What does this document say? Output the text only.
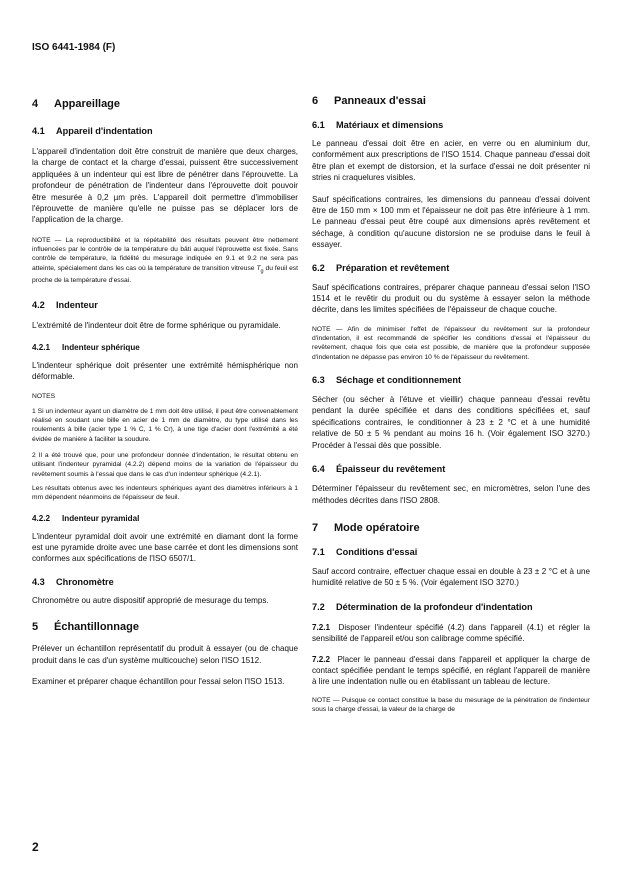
ISO 6441-1984 (F)
4 Appareillage
4.1 Appareil d'indentation

L'appareil d'indentation doit être construit de manière que deux charges, la charge de contact et la charge d'essai, puissent être successivement appliquées à un indenteur qui est libre de pénétrer dans l'éprouvette. La profondeur de pénétration de l'indenteur dans l'éprouvette doit pouvoir être mesurée à 0,2 µm près. L'appareil doit permettre d'immobiliser l'éprouvette de manière qu'elle ne puisse pas se déplacer lors de l'application de la charge.

NOTE — La reproductibilité et la répétabilité des résultats peuvent être nettement influencées par le contrôle de la température du bâti auquel l'éprouvette est fixée. Sans contrôle de température, la fidélité du mesurage indiquée en 9.1 et 9.2 ne sera pas atteinte, spécialement dans les cas où la température de transition vitreuse $T_g$ du feuil est proche de la température d'essai.

4.2 Indenteur

L'extrémité de l'indenteur doit être de forme sphérique ou pyramidale.

4.2.1 Indenteur sphérique

L'indenteur sphérique doit présenter une extrémité hémisphérique non déformable.

NOTES

1 Si un indenteur ayant un diamètre de 1 mm doit être utilisé, il peut être convenablement réalisé en soudant une bille en acier de 1 mm de diamètre, du type utilisé dans les roulements à bille (acier type 1 % C, 1 % Cr), à une tige d'acier dont l'extrémité a été évidée de manière à faciliter la soudure.

2 Il a été trouvé que, pour une profondeur donnée d'indentation, le résultat obtenu en utilisant l'indenteur pyramidal (4.2.2) dépend moins de la variation de l'épaisseur du revêtement soumis à l'essai que dans le cas d'un indenteur sphérique (4.2.1).

Les résultats obtenus avec les indenteurs sphériques ayant des diamètres inférieurs à 1 mm dépendent néanmoins de l'épaisseur de feuil.

4.2.2 Indenteur pyramidal

L'indenteur pyramidal doit avoir une extrémité en diamant dont la forme est une pyramide droite avec une base carrée et dont les dimensions sont conformes aux spécifications de l'ISO 6507/1.

4.3 Chronomètre

Chronomètre ou autre dispositif approprié de mesurage du temps.

5 Échantillonnage

Prélever un échantillon représentatif du produit à essayer (ou de chaque produit dans le cas d'un système multicouche) selon l'ISO 1512.

Examiner et préparer chaque échantillon pour l'essai selon l'ISO 1513.

6 Panneaux d'essai
6.1 Matériaux et dimensions

Le panneau d'essai doit être en acier, en verre ou en aluminium dur, conformément aux prescriptions de l'ISO 1514. Chaque panneau d'essai doit être plan et exempt de distorsion, et la surface d'essai ne doit présenter ni stries ni craquelures visibles.

Sauf spécifications contraires, les dimensions du panneau d'essai doivent être de 150 mm × 100 mm et l'épaisseur ne doit pas être inférieure à 1 mm. Le panneau d'essai peut être coupé aux dimensions après revêtement et séchage, à condition qu'aucune distorsion ne se produise dans le feuil à essayer.

6.2 Préparation et revêtement

Sauf spécifications contraires, préparer chaque panneau d'essai selon l'ISO 1514 et le revêtir du produit ou du système à essayer selon la méthode décrite, dans les limites spécifiées de l'épaisseur de chaque couche.

NOTE — Afin de minimiser l'effet de l'épaisseur du revêtement sur la profondeur d'indentation, il est recommandé de spécifier les conditions d'essai et l'épaisseur du revêtement, chaque fois que cela est possible, de manière que la profondeur supposée d'indentation ne dépasse pas environ 10 % de l'épaisseur du revêtement.

6.3 Séchage et conditionnement

Sécher (ou sécher à l'étuve et vieillir) chaque panneau d'essai revêtu pendant la durée spécifiée et dans des conditions spécifiées et, sauf spécifications contraires, le conditionner à 23 ± 2 °C et à une humidité relative de 50 ± 5 % pendant au moins 16 h. (Voir également ISO 3270.) Procéder à l'essai dès que possible.

6.4 Épaisseur du revêtement

Déterminer l'épaisseur du revêtement sec, en micromètres, selon l'une des méthodes décrites dans l'ISO 2808.

7 Mode opératoire
7.1 Conditions d'essai

Sauf accord contraire, effectuer chaque essai en double à 23 ± 2 °C et à une humidité relative de 50 ± 5 %. (Voir également ISO 3270.)

7.2 Détermination de la profondeur d'indentation

7.2.1 Disposer l'indenteur spécifié (4.2) dans l'appareil (4.1) et régler la sensibilité de l'appareil et/ou son calibrage comme spécifié.

7.2.2 Placer le panneau d'essai dans l'appareil et appliquer la charge de contact spécifiée pendant le temps spécifié, en réglant l'appareil de manière à lire une indentation nulle ou en établissant un tableau de lecture.

NOTE — Puisque ce contact constitue la base du mesurage de la pénétration de l'indenteur sous la charge d'essai, la valeur de la charge de

2
